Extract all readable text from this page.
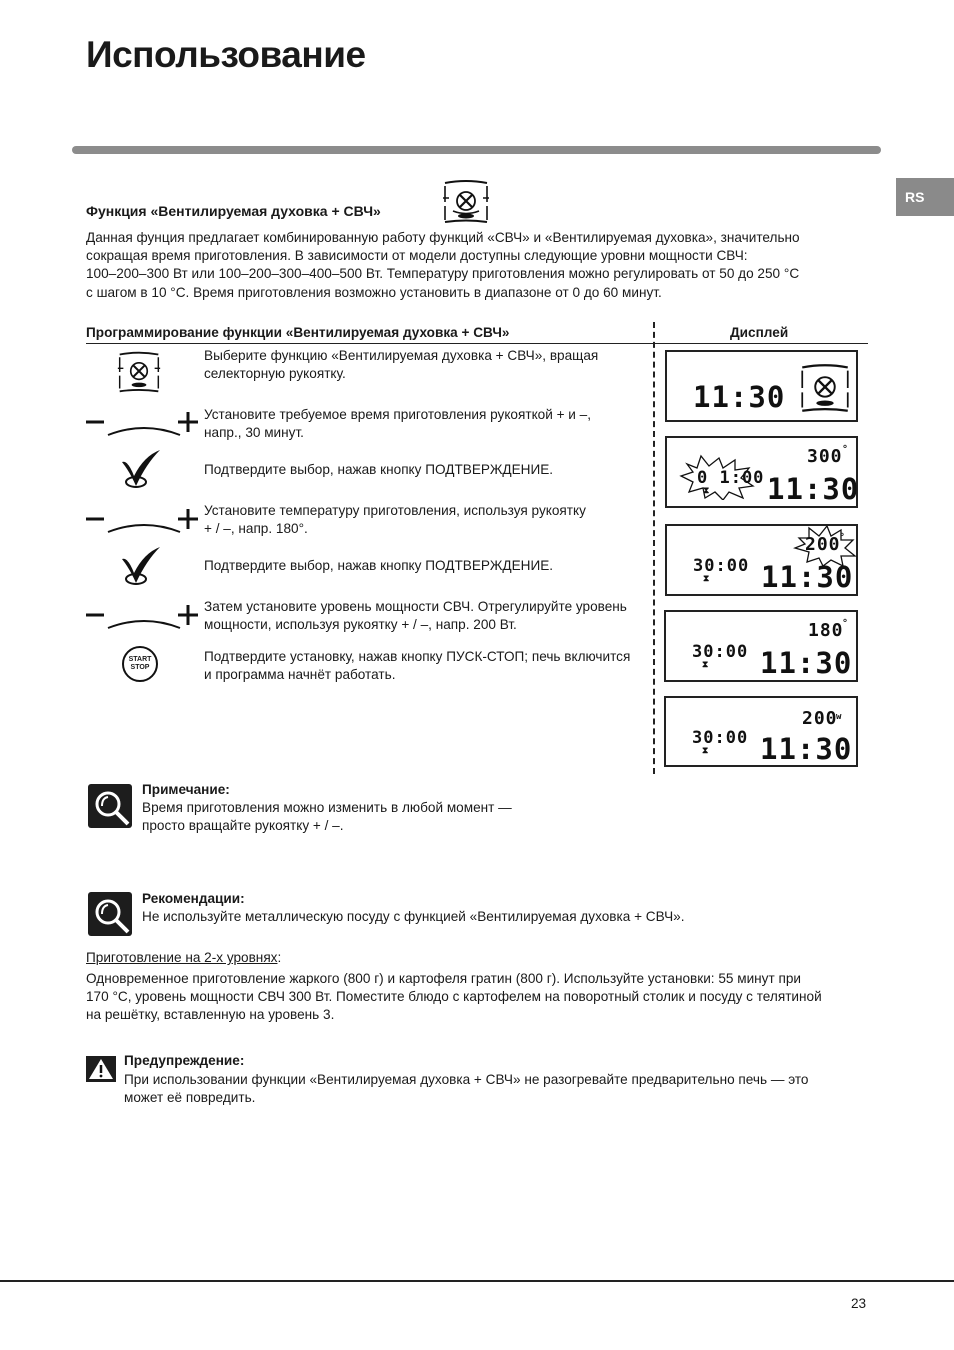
Использование
RS
Функция «Вентилируемая духовка + СВЧ»
Данная фунция предлагает комбинированную работу функций «СВЧ» и «Вентилируемая духовка», значительно
сокращая время приготовления. В зависимости от модели доступны следующие уровни мощности СВЧ:
100–200–300 Вт или 100–200–300–400–500 Вт. Температуру приготовления можно регулировать от 50 до 250 °C
с шагом в 10 °C. Время приготовления возможно установить в диапазоне от 0 до 60 минут.
Программирование функции «Вентилируемая духовка + СВЧ»	Дисплей
START
STOP
Выберите функцию «Вентилируемая духовка + СВЧ», вращая
селекторную рукоятку.
Установите требуемое время приготовления рукояткой + и –,
напр., 30 минут.
Подтвердите выбор, нажав кнопку ПОДТВЕРЖДЕНИЕ.
Установите температуру приготовления, используя рукоятку
+ / –, напр. 180°.
Подтвердите выбор, нажав кнопку ПОДТВЕРЖДЕНИЕ.
Затем установите уровень мощности СВЧ. Отрегулируйте уровень
мощности, используя рукоятку + / –, напр. 200 Вт.
Подтвердите установку, нажав кнопку ПУСК-СТОП; печь включится
и программа начнёт работать.
11:30
0 1:00
⧗
300 °
11:30
200
°
30:00
⧗ 11:30
180
°
30:00
⧗ 11:30
200
w
30:00
⧗ 11:30
Примечание:
Время приготовления можно изменить в любой момент —
просто вращайте рукоятку + / –.
Рекомендации:
Не используйте металлическую посуду с функцией «Вентилируемая духовка + СВЧ».
Приготовление на 2-х уровнях:
Одновременное приготовление жаркого (800 г) и картофеля гратин (800 г). Используйте установки: 55 минут при
170 °C, уровень мощности СВЧ 300 Вт. Поместите блюдо с картофелем на поворотный столик и посуду с телятиной
на решётку, вставленную на уровень 3.
Предупреждение:
При использовании функции «Вентилируемая духовка + СВЧ» не разогревайте предварительно печь — это
может её повредить.
23
